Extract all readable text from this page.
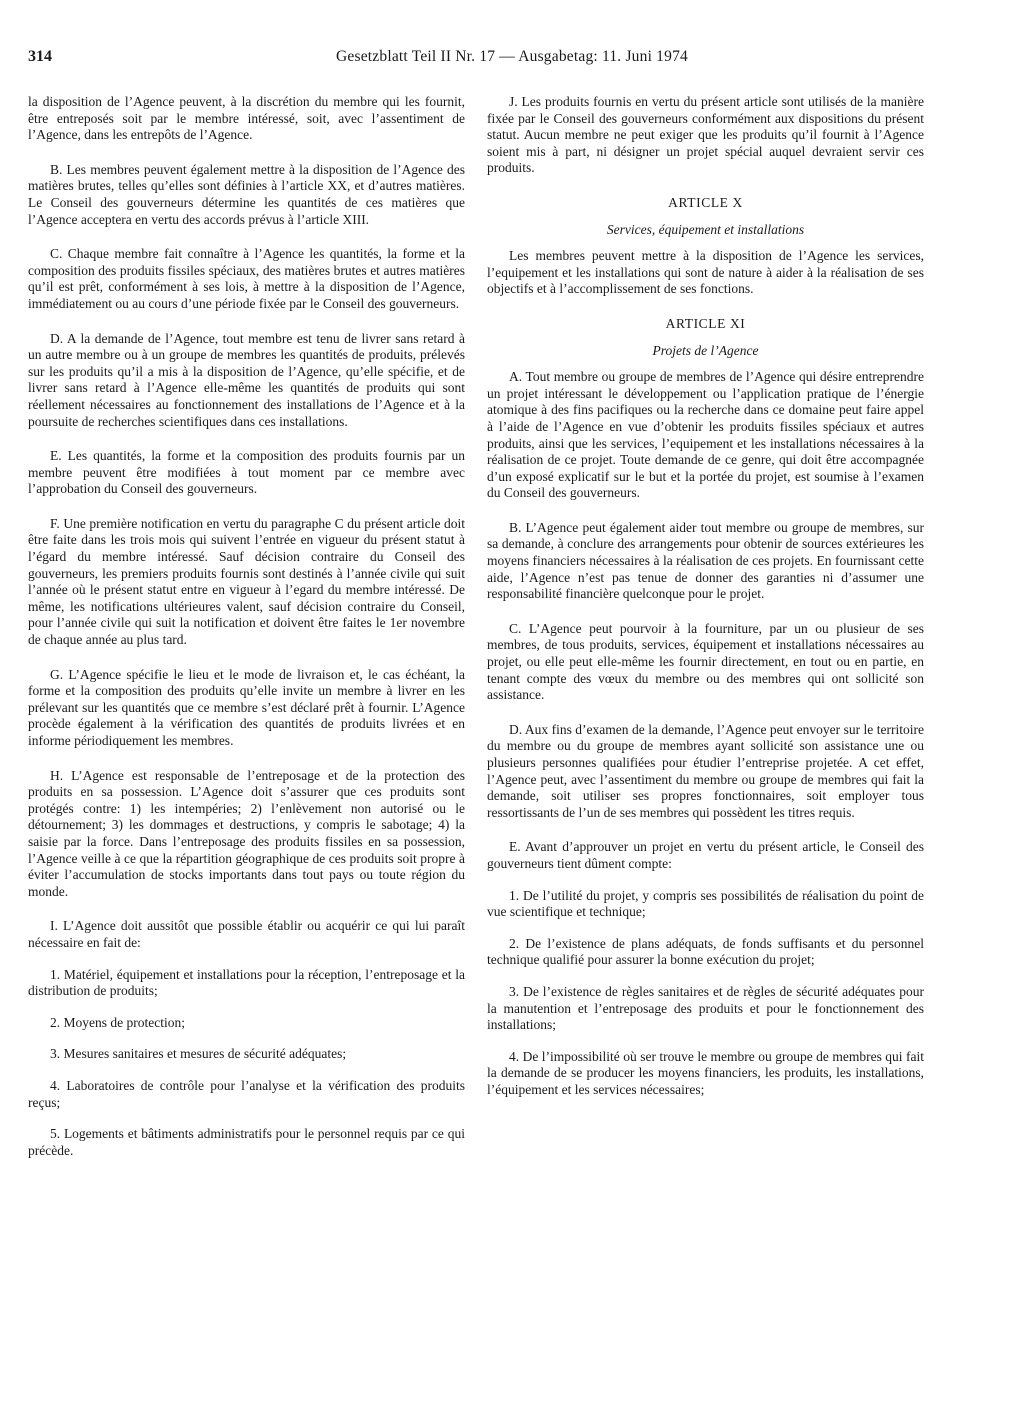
314	Gesetzblatt Teil II Nr. 17 — Ausgabetag: 11. Juni 1974

la disposition de l’Agence peuvent, à la discrétion du membre qui les fournit, être entreposés soit par le membre intéressé, soit, avec l’assentiment de l’Agence, dans les entrepôts de l’Agence.

B. Les membres peuvent également mettre à la disposition de l’Agence des matières brutes, telles qu’elles sont définies à l’article XX, et d’autres matières. Le Conseil des gouverneurs détermine les quantités de ces matières que l’Agence acceptera en vertu des accords prévus à l’article XIII.

C. Chaque membre fait connaître à l’Agence les quantités, la forme et la composition des produits fissiles spéciaux, des matières brutes et autres matières qu’il est prêt, conformément à ses lois, à mettre à la disposition de l’Agence, immédiatement ou au cours d’une période fixée par le Conseil des gouverneurs.

D. A la demande de l’Agence, tout membre est tenu de livrer sans retard à un autre membre ou à un groupe de membres les quantités de produits, prélevés sur les produits qu’il a mis à la disposition de l’Agence, qu’elle spécifie, et de livrer sans retard à l’Agence elle-même les quantités de produits qui sont réellement nécessaires au fonctionnement des installations de l’Agence et à la poursuite de recherches scientifiques dans ces installations.

E. Les quantités, la forme et la composition des produits fournis par un membre peuvent être modifiées à tout moment par ce membre avec l’approbation du Conseil des gouverneurs.

F. Une première notification en vertu du paragraphe C du présent article doit être faite dans les trois mois qui suivent l’entrée en vigueur du présent statut à l’égard du membre intéressé. Sauf décision contraire du Conseil des gouverneurs, les premiers produits fournis sont destinés à l’année civile qui suit l’année où le présent statut entre en vigueur à l’egard du membre intéressé. De même, les notifications ultérieures valent, sauf décision contraire du Conseil, pour l’année civile qui suit la notification et doivent être faites le 1er novembre de chaque année au plus tard.

G. L’Agence spécifie le lieu et le mode de livraison et, le cas échéant, la forme et la composition des produits qu’elle invite un membre à livrer en les prélevant sur les quantités que ce membre s’est déclaré prêt à fournir. L’Agence procède également à la vérification des quantités de produits livrées et en informe périodiquement les membres.

H. L’Agence est responsable de l’entreposage et de la protection des produits en sa possession. L’Agence doit s’assurer que ces produits sont protégés contre: 1) les intempéries; 2) l’enlèvement non autorisé ou le détournement; 3) les dommages et destructions, y compris le sabotage; 4) la saisie par la force. Dans l’entreposage des produits fissiles en sa possession, l’Agence veille à ce que la répartition géographique de ces produits soit propre à éviter l’accumulation de stocks importants dans tout pays ou toute région du monde.

I. L’Agence doit aussitôt que possible établir ou acquérir ce qui lui paraît nécessaire en fait de:

1. Matériel, équipement et installations pour la réception, l’entreposage et la distribution de produits;

2. Moyens de protection;

3. Mesures sanitaires et mesures de sécurité adéquates;

4. Laboratoires de contrôle pour l’analyse et la vérification des produits reçus;

5. Logements et bâtiments administratifs pour le personnel requis par ce qui précède.

J. Les produits fournis en vertu du présent article sont utilisés de la manière fixée par le Conseil des gouverneurs conformément aux dispositions du présent statut. Aucun membre ne peut exiger que les produits qu’il fournit à l’Agence soient mis à part, ni désigner un projet spécial auquel devraient servir ces produits.

ARTICLE X
Services, équipement et installations

Les membres peuvent mettre à la disposition de l’Agence les services, l’equipement et les installations qui sont de nature à aider à la réalisation de ses objectifs et à l’accomplissement de ses fonctions.

ARTICLE XI
Projets de l’Agence

A. Tout membre ou groupe de membres de l’Agence qui désire entreprendre un projet intéressant le développement ou l’application pratique de l’énergie atomique à des fins pacifiques ou la recherche dans ce domaine peut faire appel à l’aide de l’Agence en vue d’obtenir les produits fissiles spéciaux et autres produits, ainsi que les services, l’equipement et les installations nécessaires à la réalisation de ce projet. Toute demande de ce genre, qui doit être accompagnée d’un exposé explicatif sur le but et la portée du projet, est soumise à l’examen du Conseil des gouverneurs.

B. L’Agence peut également aider tout membre ou groupe de membres, sur sa demande, à conclure des arrangements pour obtenir de sources extérieures les moyens financiers nécessaires à la réalisation de ces projets. En fournissant cette aide, l’Agence n’est pas tenue de donner des garanties ni d’assumer une responsabilité financière quelconque pour le projet.

C. L’Agence peut pourvoir à la fourniture, par un ou plusieur de ses membres, de tous produits, services, équipement et installations nécessaires au projet, ou elle peut elle-même les fournir directement, en tout ou en partie, en tenant compte des vœux du membre ou des membres qui ont sollicité son assistance.

D. Aux fins d’examen de la demande, l’Agence peut envoyer sur le territoire du membre ou du groupe de membres ayant sollicité son assistance une ou plusieurs personnes qualifiées pour étudier l’entreprise projetée. A cet effet, l’Agence peut, avec l’assentiment du membre ou groupe de membres qui fait la demande, soit utiliser ses propres fonctionnaires, soit employer tous ressortissants de l’un de ses membres qui possèdent les titres requis.

E. Avant d’approuver un projet en vertu du présent article, le Conseil des gouverneurs tient dûment compte:

1. De l’utilité du projet, y compris ses possibilités de réalisation du point de vue scientifique et technique;

2. De l’existence de plans adéquats, de fonds suffisants et du personnel technique qualifié pour assurer la bonne exécution du projet;

3. De l’existence de règles sanitaires et de règles de sécurité adéquates pour la manutention et l’entreposage des produits et pour le fonctionnement des installations;

4. De l’impossibilité où ser trouve le membre ou groupe de membres qui fait la demande de se producer les moyens financiers, les produits, les installations, l’équipement et les services nécessaires;
